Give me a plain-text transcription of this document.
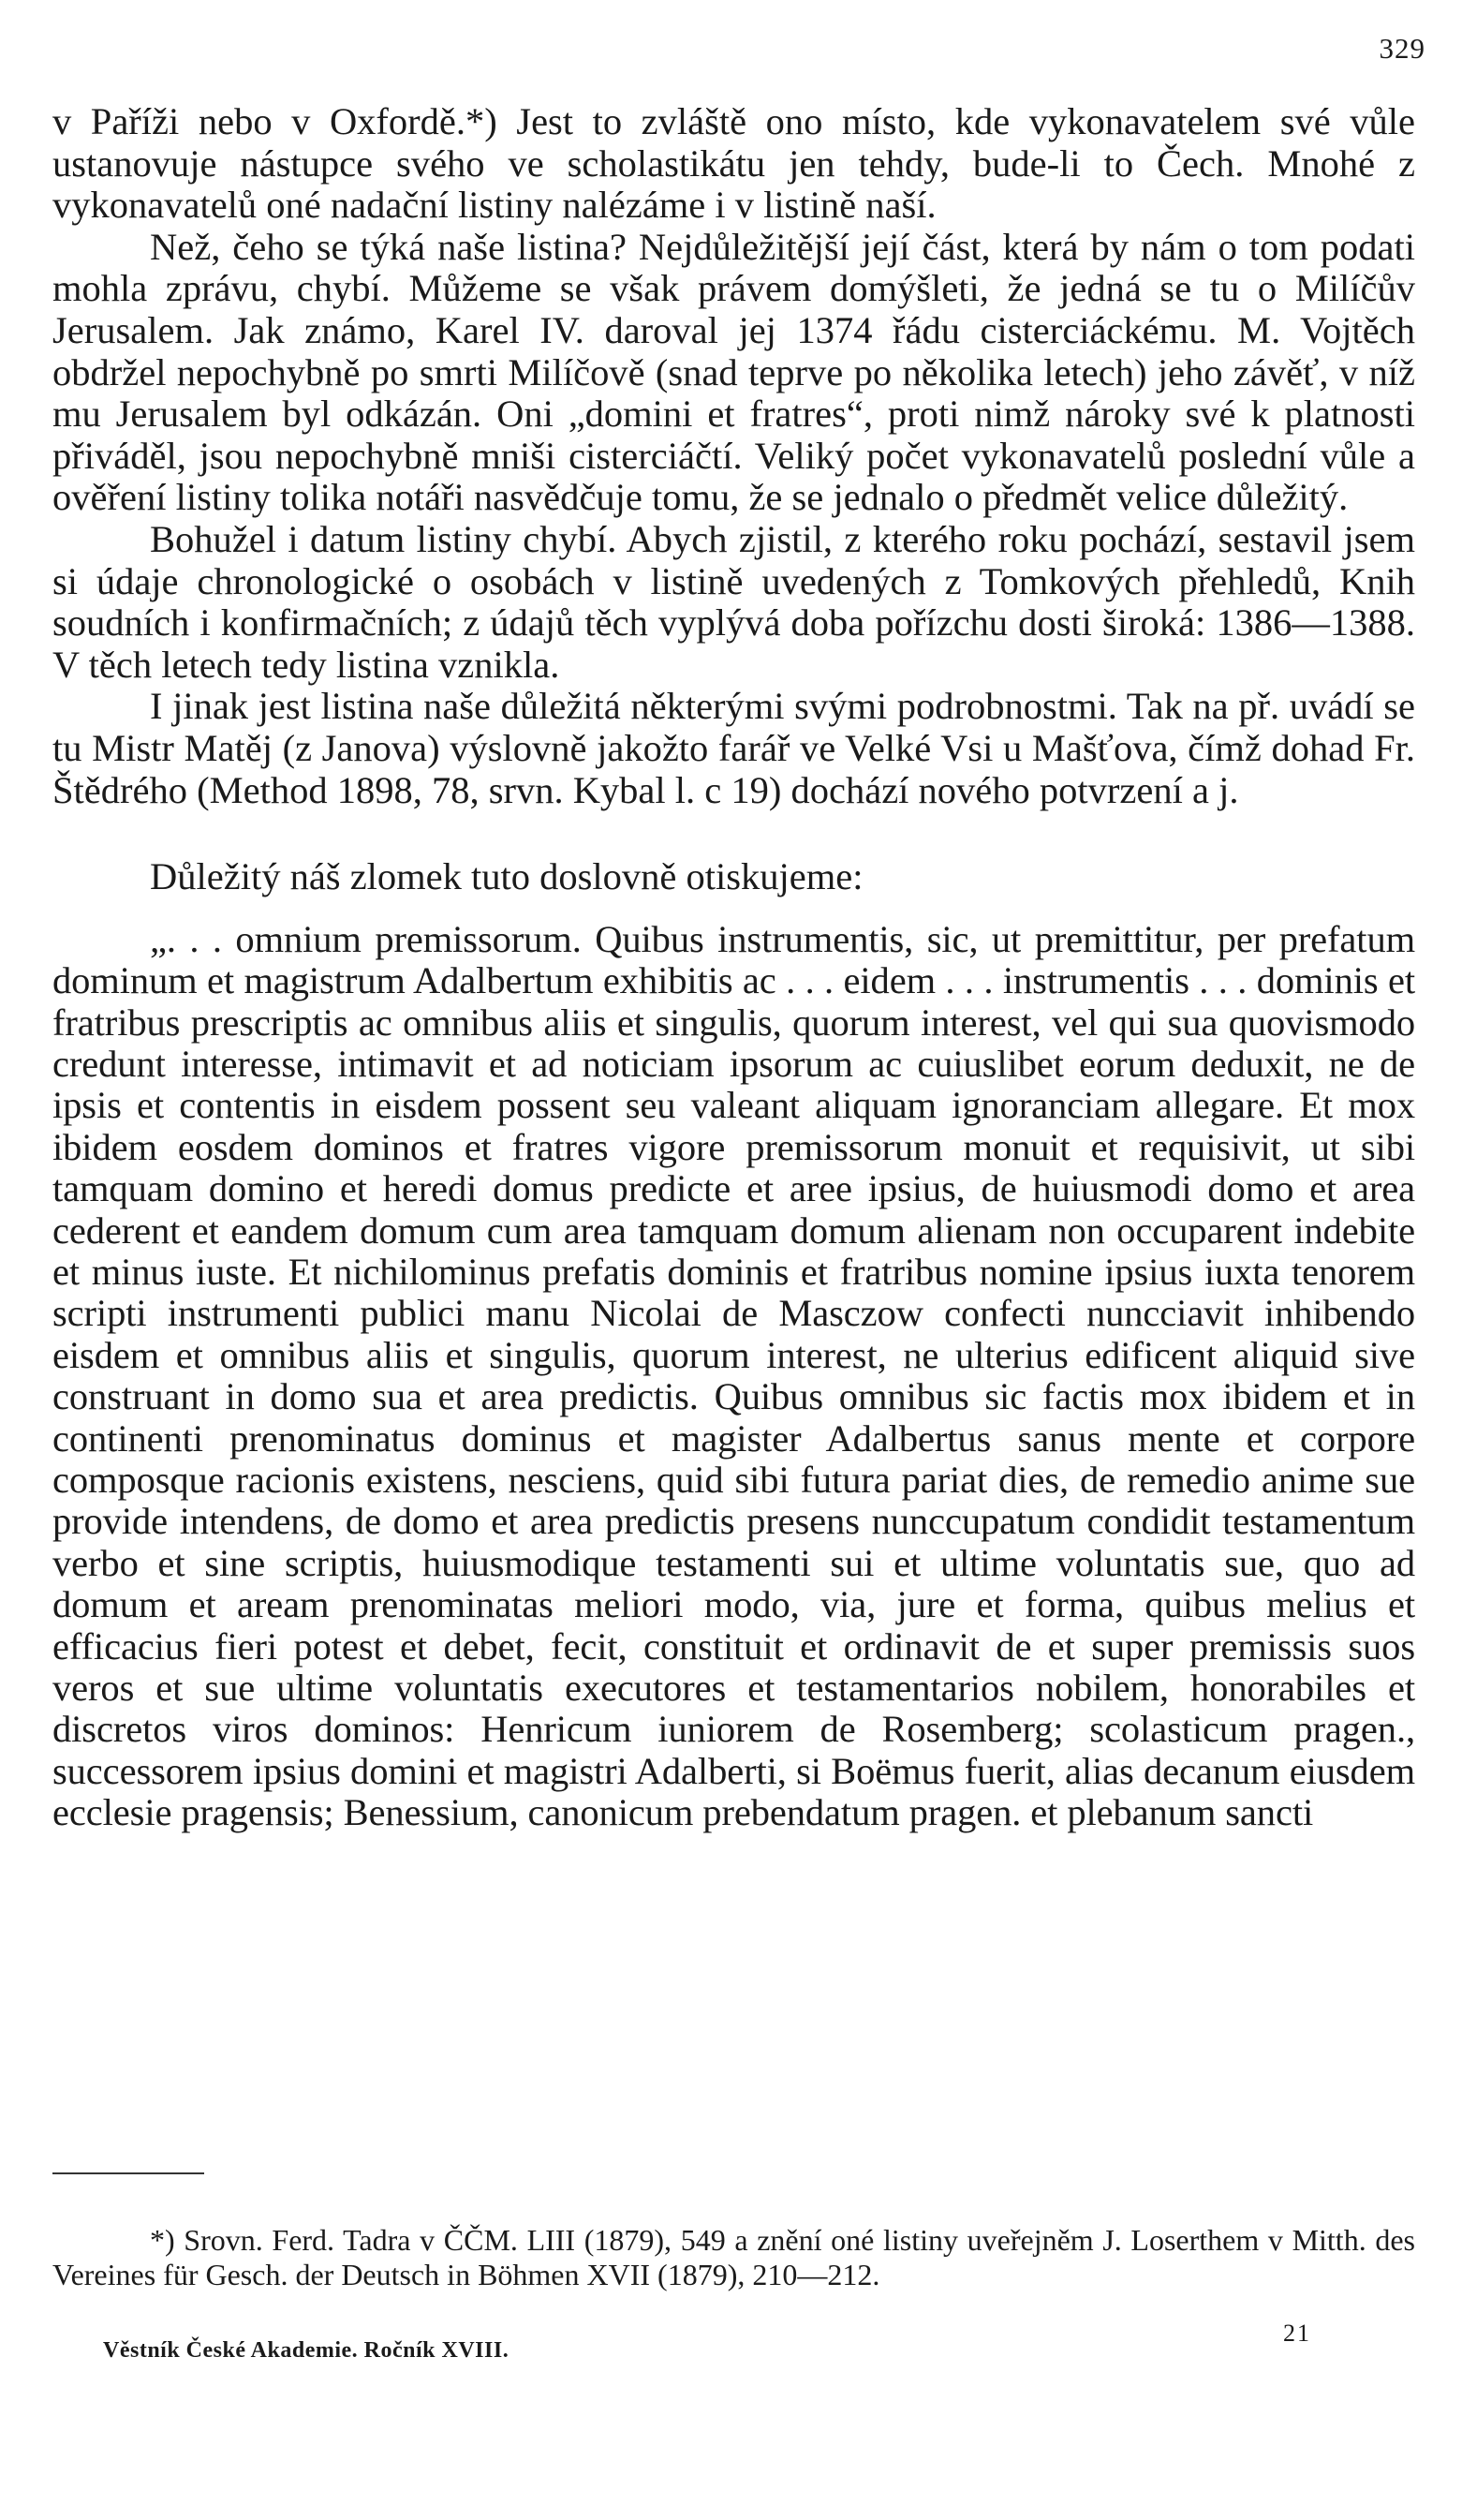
329

v Paříži nebo v Oxfordě.*) Jest to zvláště ono místo, kde vykonavatelem své vůle ustanovuje nástupce svého ve scholastikátu jen tehdy, bude-li to Čech. Mnohé z vykonavatelů oné nadační listiny nalézáme i v listině naší.

Než, čeho se týká naše listina? Nejdůležitější její část, která by nám o tom podati mohla zprávu, chybí. Můžeme se však právem domýšleti, že jedná se tu o Milíčův Jerusalem. Jak známo, Karel IV. daroval jej 1374 řádu cisterciáckému. M. Vojtěch obdržel nepochybně po smrti Milíčově (snad teprve po několika letech) jeho závěť, v níž mu Jerusalem byl odkázán. Oni „domini et fratres“, proti nimž nároky své k platnosti přiváděl, jsou nepochybně mniši cisterciáčtí. Veliký počet vykonavatelů poslední vůle a ověření listiny tolika notáři nasvědčuje tomu, že se jednalo o předmět velice důležitý.

Bohužel i datum listiny chybí. Abych zjistil, z kterého roku pochází, sestavil jsem si údaje chronologické o osobách v listině uvedených z Tomkových přehledů, Knih soudních i konfirmačních; z údajů těch vyplývá doba pořízchu dosti široká: 1386—1388. V těch letech tedy listina vznikla.

I jinak jest listina naše důležitá některými svými podrobnostmi. Tak na př. uvádí se tu Mistr Matěj (z Janova) výslovně jakožto farář ve Velké Vsi u Mašťova, čímž dohad Fr. Štědrého (Method 1898, 78, srvn. Kybal l. c 19) dochází nového potvrzení a j.

Důležitý náš zlomek tuto doslovně otiskujeme:

„. . . omnium premissorum. Quibus instrumentis, sic, ut premittitur, per prefatum dominum et magistrum Adalbertum exhibitis ac . . . eidem . . . instrumentis . . . dominis et fratribus prescriptis ac omnibus aliis et singulis, quorum interest, vel qui sua quovismodo credunt interesse, intimavit et ad noticiam ipsorum ac cuiuslibet eorum deduxit, ne de ipsis et contentis in eisdem possent seu valeant aliquam ignoranciam allegare. Et mox ibidem eosdem dominos et fratres vigore premissorum monuit et requisivit, ut sibi tamquam domino et heredi domus predicte et aree ipsius, de huiusmodi domo et area cederent et eandem domum cum area tamquam domum alienam non occuparent indebite et minus iuste. Et nichilominus prefatis dominis et fratribus nomine ipsius iuxta tenorem scripti instrumenti publici manu Nicolai de Masczow confecti nuncciavit inhibendo eisdem et omnibus aliis et singulis, quorum interest, ne ulterius edificent aliquid sive construant in domo sua et area predictis. Quibus omnibus sic factis mox ibidem et in continenti prenominatus dominus et magister Adalbertus sanus mente et corpore composque racionis existens, nesciens, quid sibi futura pariat dies, de remedio anime sue provide intendens, de domo et area predictis presens nunccupatum condidit testamentum verbo et sine scriptis, huiusmodique testamenti sui et ultime voluntatis sue, quo ad domum et aream prenominatas meliori modo, via, jure et forma, quibus melius et efficacius fieri potest et debet, fecit, constituit et ordinavit de et super premissis suos veros et sue ultime voluntatis executores et testamentarios nobilem, honorabiles et discretos viros dominos: Henricum iuniorem de Rosemberg; scolasticum pragen., successorem ipsius domini et magistri Adalberti, si Boëmus fuerit, alias decanum eiusdem ecclesie pragensis; Benessium, canonicum prebendatum pragen. et plebanum sancti

*) Srovn. Ferd. Tadra v ČČM. LIII (1879), 549 a znění oné listiny uveřejněm J. Loserthem v Mitth. des Vereines für Gesch. der Deutsch in Böhmen XVII (1879), 210—212.

Věstník České Akademie. Ročník XVIII.
21
